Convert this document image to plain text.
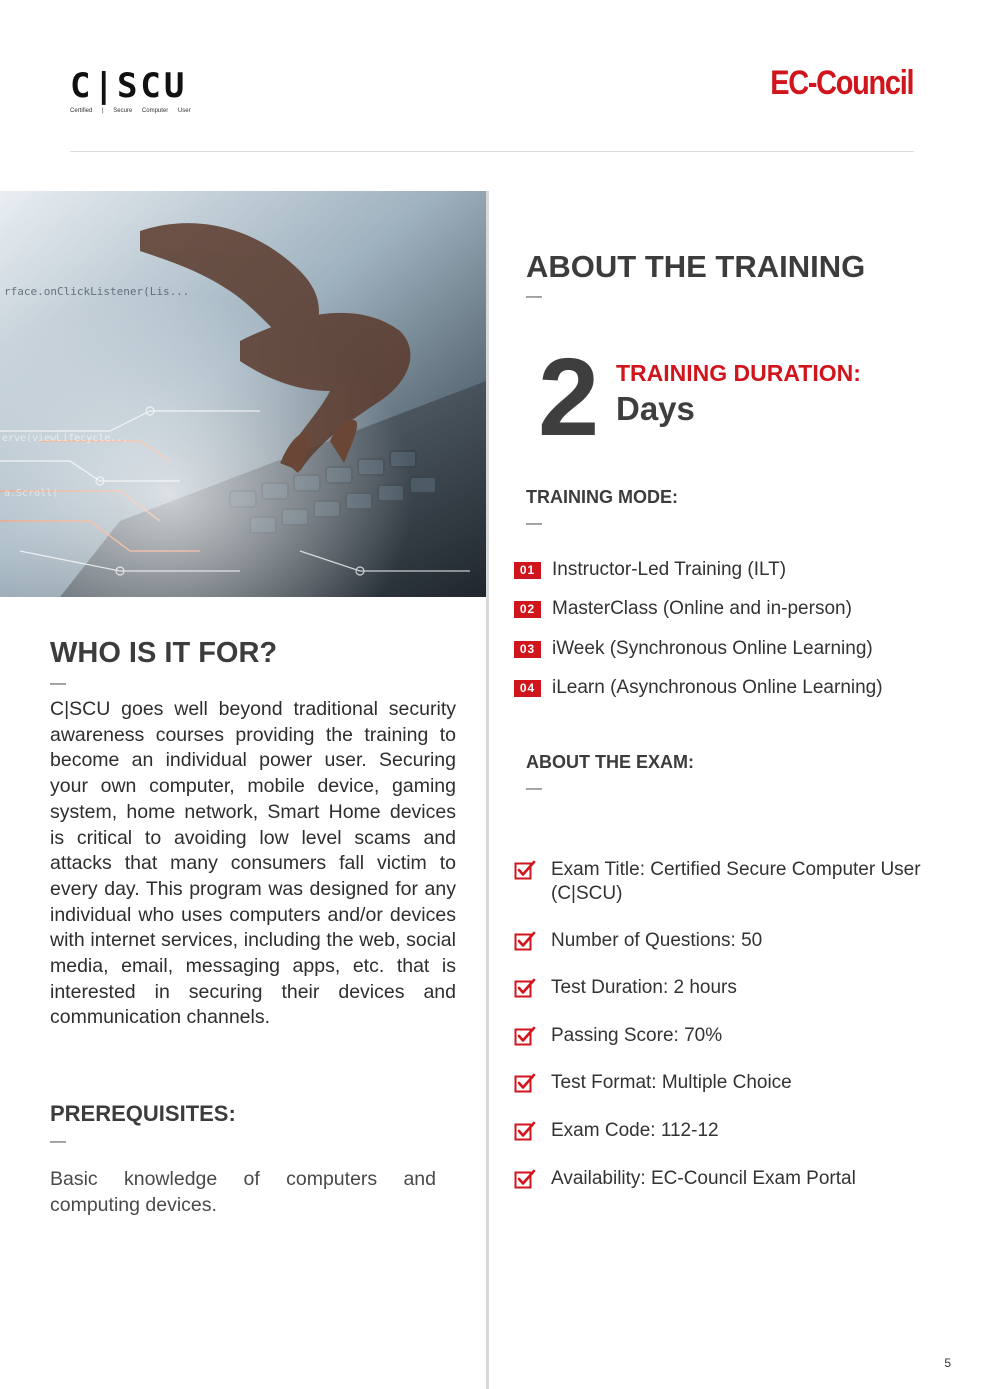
C|SCU
Certified | Secure Computer User
EC-Council
rface.onClickListener(Lis...
erve(viewLifecycle...
a.Scroll(
WHO IS IT FOR?
—
C|SCU goes well beyond traditional security awareness courses providing the training to become an individual power user. Securing your own computer, mobile device, gaming system, home network, Smart Home devices is critical to avoiding low level scams and attacks that many consumers fall victim to every day. This program was designed for any individual who uses computers and/or devices with internet services, including the web, social media, email, messaging apps, etc. that is interested in securing their devices and communication channels.
PREREQUISITES:
—
Basic knowledge of computers and computing devices.
ABOUT THE TRAINING
—
2 TRAINING DURATION:
Days
TRAINING MODE:
—
01 Instructor-Led Training (ILT)
02 MasterClass (Online and in-person)
03 iWeek (Synchronous Online Learning)
04 iLearn (Asynchronous Online Learning)
ABOUT THE EXAM:
—
Exam Title: Certified Secure Computer User (C|SCU)
Number of Questions: 50
Test Duration: 2 hours
Passing Score: 70%
Test Format: Multiple Choice
Exam Code: 112-12
Availability: EC-Council Exam Portal
5
